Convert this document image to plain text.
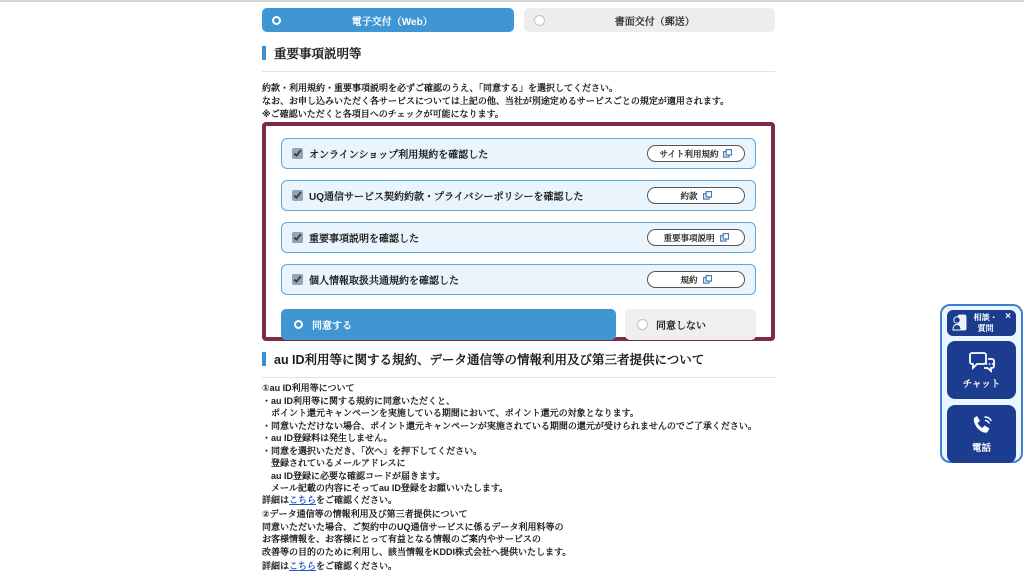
電子交付（Web）	書面交付（郵送）
重要事項説明等

約款・利用規約・重要事項説明を必ずご確認のうえ、「同意する」を選択してください。

なお、お申し込みいただく各サービスについては上記の他、当社が別途定めるサービスごとの規定が適用されます。

※ご確認いただくと各項目へのチェックが可能になります。

オンラインショップ利用規約を確認した	サイト利用規約
UQ通信サービス契約約款・プライバシーポリシーを確認した	約款
重要事項説明を確認した	重要事項説明
個人情報取扱共通規約を確認した	規約
同意する	同意しない
au ID利用等に関する規約、データ通信等の情報利用及び第三者提供について

①au ID利用等について

・au ID利用等に関する規約に同意いただくと、

　ポイント還元キャンペーンを実施している期間において、ポイント還元の対象となります。

・同意いただけない場合、ポイント還元キャンペーンが実施されている期間の還元が受けられませんのでご了承ください。

・au ID登録料は発生しません。

・同意を選択いただき、「次へ」を押下してください。

　登録されているメールアドレスに

　au ID登録に必要な確認コードが届きます。

　メール記載の内容にそってau ID登録をお願いいたします。

詳細はこちらをご確認ください。

②データ通信等の情報利用及び第三者提供について

同意いただいた場合、ご契約中のUQ通信サービスに係るデータ利用料等の

お客様情報を、お客様にとって有益となる情報のご案内やサービスの

改善等の目的のために利用し、該当情報をKDDI株式会社へ提供いたします。

詳細はこちらをご確認ください。

相談・質問
×
チャット
電話
